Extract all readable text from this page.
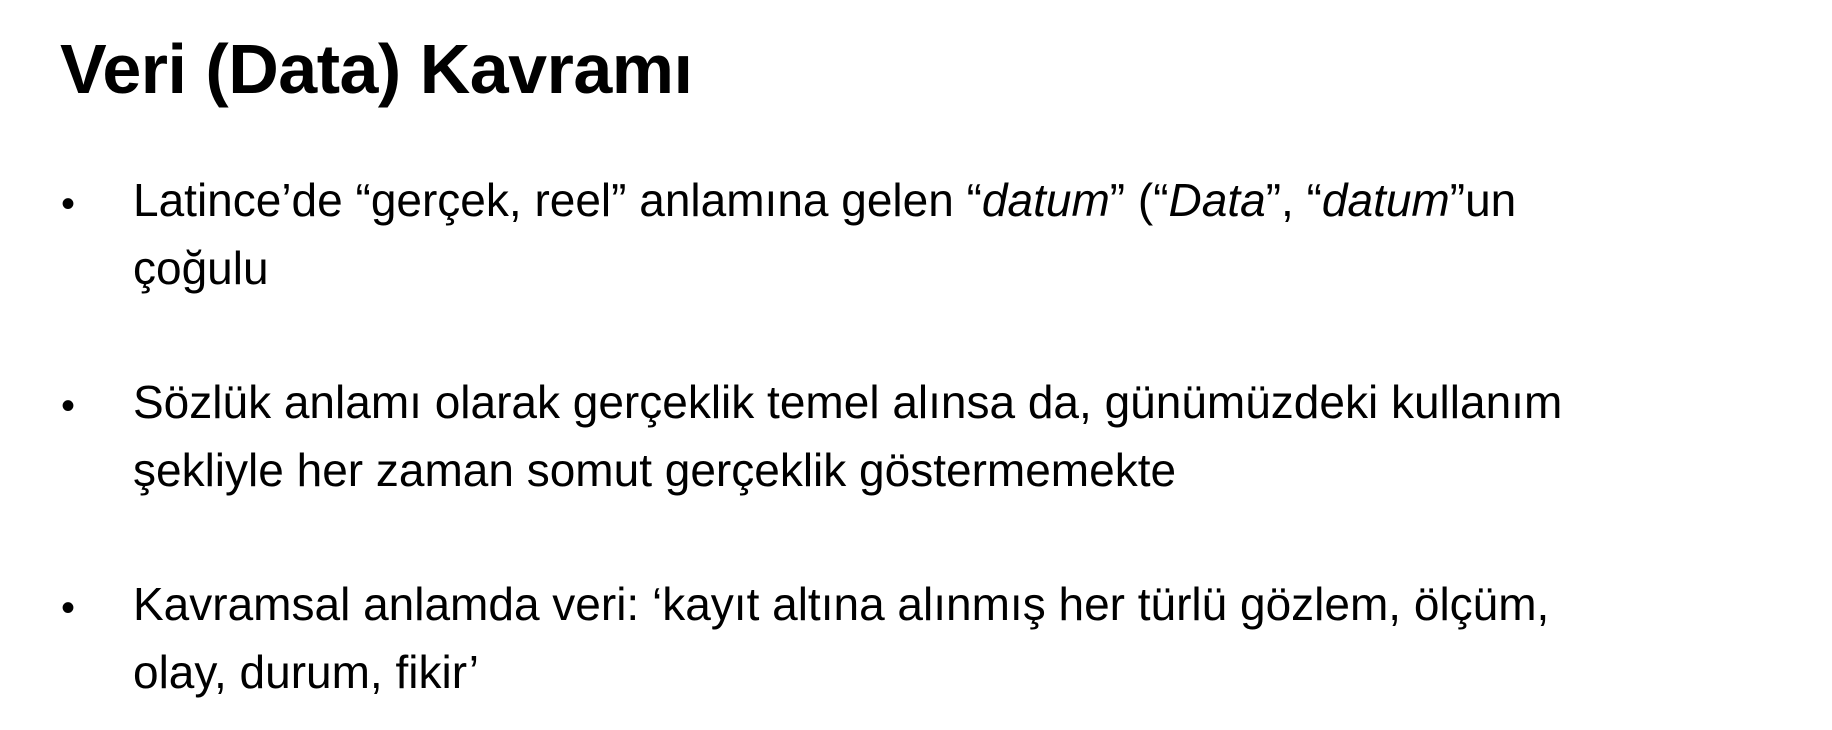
Veri (Data) Kavramı
• Latince’de “gerçek, reel” anlamına gelen “datum” (“Data”, “datum”un
çoğulu
• Sözlük anlamı olarak gerçeklik temel alınsa da, günümüzdeki kullanım
şekliyle her zaman somut gerçeklik göstermemekte
• Kavramsal anlamda veri: ‘kayıt altına alınmış her türlü gözlem, ölçüm,
olay, durum, fikir’
